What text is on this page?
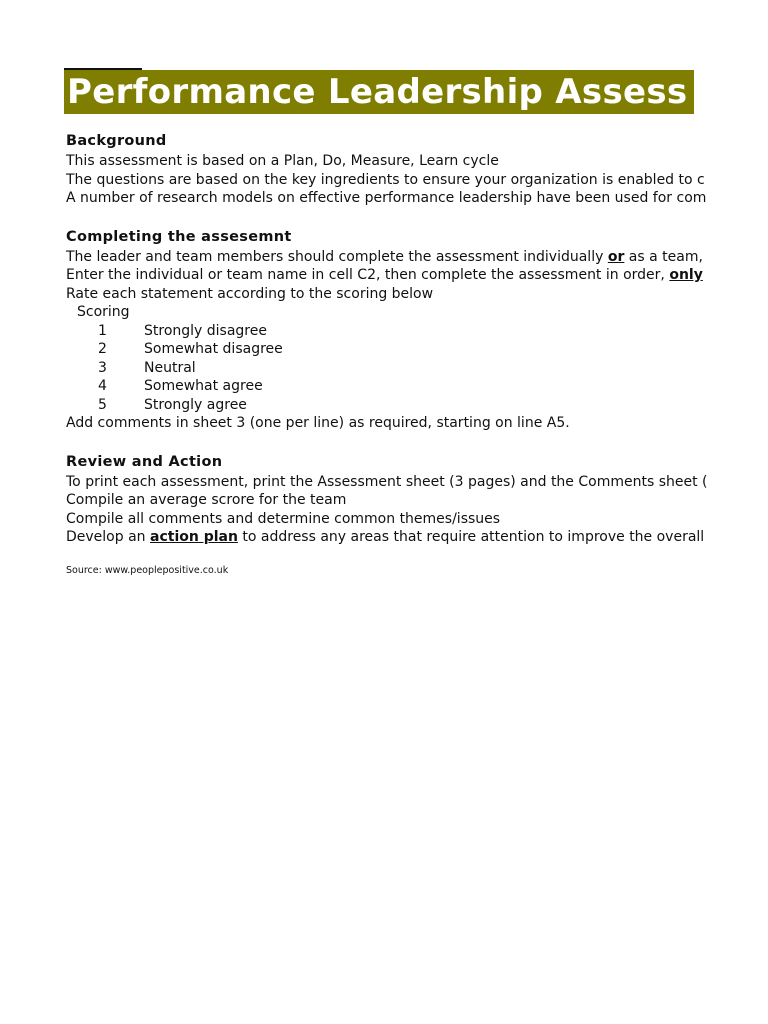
Performance Leadership Assess
Background
This assessment is based on a Plan, Do, Measure, Learn cycle
The questions are based on the key ingredients to ensure your organization is enabled to c
A number of research models on effective performance leadership have been used for com
Completing the assesemnt
The leader and team members should complete the assessment individually or as a team,
Enter the individual or team name in cell C2, then complete the assessment in order, only
Rate each statement according to the scoring below
Scoring
1	Strongly disagree
2	Somewhat disagree
3	Neutral
4	Somewhat agree
5	Strongly agree
Add comments in sheet 3 (one per line) as required, starting on line A5.
Review and Action
To print each assessment, print the Assessment sheet (3 pages) and the Comments sheet (
Compile an average scrore for the team
Compile all comments and determine common themes/issues
Develop an action plan to address any areas that require attention to improve the overall
Source: www.peoplepositive.co.uk
